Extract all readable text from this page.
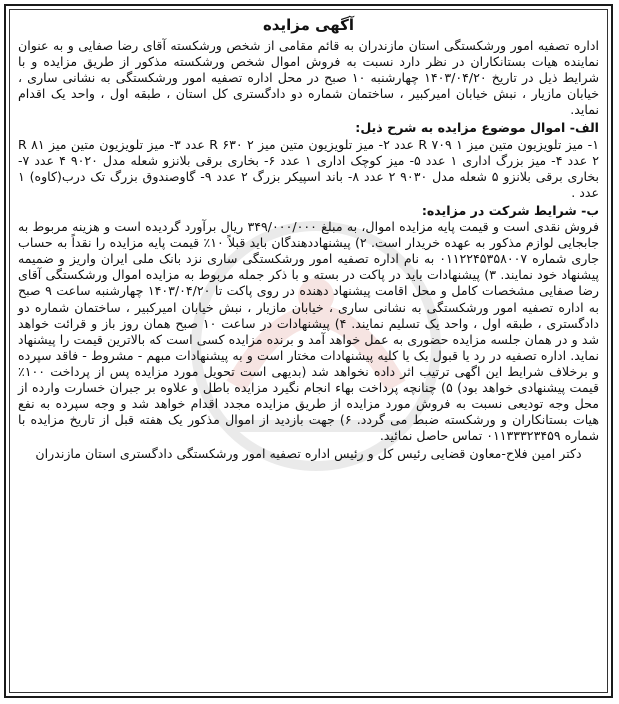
آگهی مزایده

اداره تصفیه امور ورشکستگی استان مازندران به قائم مقامی از شخص ورشکسته آقای رضا صفایی و به عنوان نماینده هیات بستانکاران در نظر دارد نسبت به فروش اموال شخص ورشکسته مذکور از طریق مزایده و با شرایط ذیل در تاریخ ۱۴۰۳/۰۴/۲۰ چهارشنبه ۱۰ صبح در محل اداره تصفیه امور ورشکستگی به نشانی ساری ، خیابان مازیار ، نبش خیابان امیرکبیر ، ساختمان شماره دو دادگستری کل استان ، طبقه اول ، واحد یک اقدام نماید.

الف- اموال موضوع مزایده به شرح ذیل:

۱- میز تلویزیون متین میز R ۷۰۹ ۱ عدد ۲- میز تلویزیون متین میز R ۶۳۰ ۲ عدد ۳- میز تلویزیون متین میز R ۸۱ ۲ عدد ۴- میز بزرگ اداری ۱ عدد ۵- میز کوچک اداری ۱ عدد ۶- بخاری برقی بلانزو شعله مدل ۹۰۲۰ ۴ عدد ۷- بخاری برقی بلانزو ۵ شعله مدل ۹۰۳۰ ۲ عدد ۸- باند اسپیکر بزرگ ۲ عدد ۹- گاوصندوق بزرگ تک درب(کاوه) ۱ عدد .

ب- شرایط شرکت در مزایده:

فروش نقدی است و قیمت پایه مزایده اموال، به مبلغ ۳۴۹/۰۰۰/۰۰۰ ریال برآورد گردیده است و هزینه مربوط به جابجایی لوازم مذکور به عهده خریدار است. ۲) پیشنهاددهندگان باید قبلاً ۱۰٪ قیمت پایه مزایده را نقداً به حساب جاری شماره ۰۱۱۲۲۴۵۳۵۸۰۰۷ به نام اداره تصفیه امور ورشکستگی ساری نزد بانک ملی ایران واریز و ضمیمه پیشنهاد خود نمایند. ۳) پیشنهادات باید در پاکت در بسته و با ذکر جمله مربوط به مزایده اموال ورشکستگی آقای رضا صفایی مشخصات کامل و محل اقامت پیشنهاد دهنده در روی پاکت تا ۱۴۰۳/۰۴/۲۰ چهارشنبه ساعت ۹ صبح به اداره تصفیه امور ورشکستگی به نشانی ساری ، خیابان مازیار ، نبش خیابان امیرکبیر ، ساختمان شماره دو دادگستری ، طبقه اول ، واحد یک تسلیم نمایند. ۴) پیشنهادات در ساعت ۱۰ صبح همان روز باز و قرائت خواهد شد و در همان جلسه مزایده حضوری به عمل خواهد آمد و برنده مزایده کسی است که بالاترین قیمت را پیشنهاد نماید. اداره تصفیه در رد یا قبول یک یا کلیه پیشنهادات مختار است و به پیشنهادات مبهم - مشروط - فاقد سپرده و برخلاف شرایط این اگهی ترتیب اثر داده نخواهد شد (بدیهی است تحویل مورد مزایده پس از پرداخت ۱۰۰٪ قیمت پیشنهادی خواهد بود) ۵) چنانچه پرداخت بهاء انجام نگیرد مزایده باطل و علاوه بر جبران خسارت وارده از محل وجه تودیعی نسبت به فروش مورد مزایده از طریق مزایده مجدد اقدام خواهد شد و وجه سپرده به نفع هیات بستانکاران و ورشکسته ضبط می گردد. ۶) جهت بازدید از اموال مذکور یک هفته قبل از تاریخ مزایده با شماره ۰۱۱۳۳۳۲۳۴۵۹ تماس حاصل نمائید.

دکتر امین فلاح-معاون قضایی رئیس کل و رئیس اداره تصفیه امور ورشکستگی دادگستری استان مازندران
